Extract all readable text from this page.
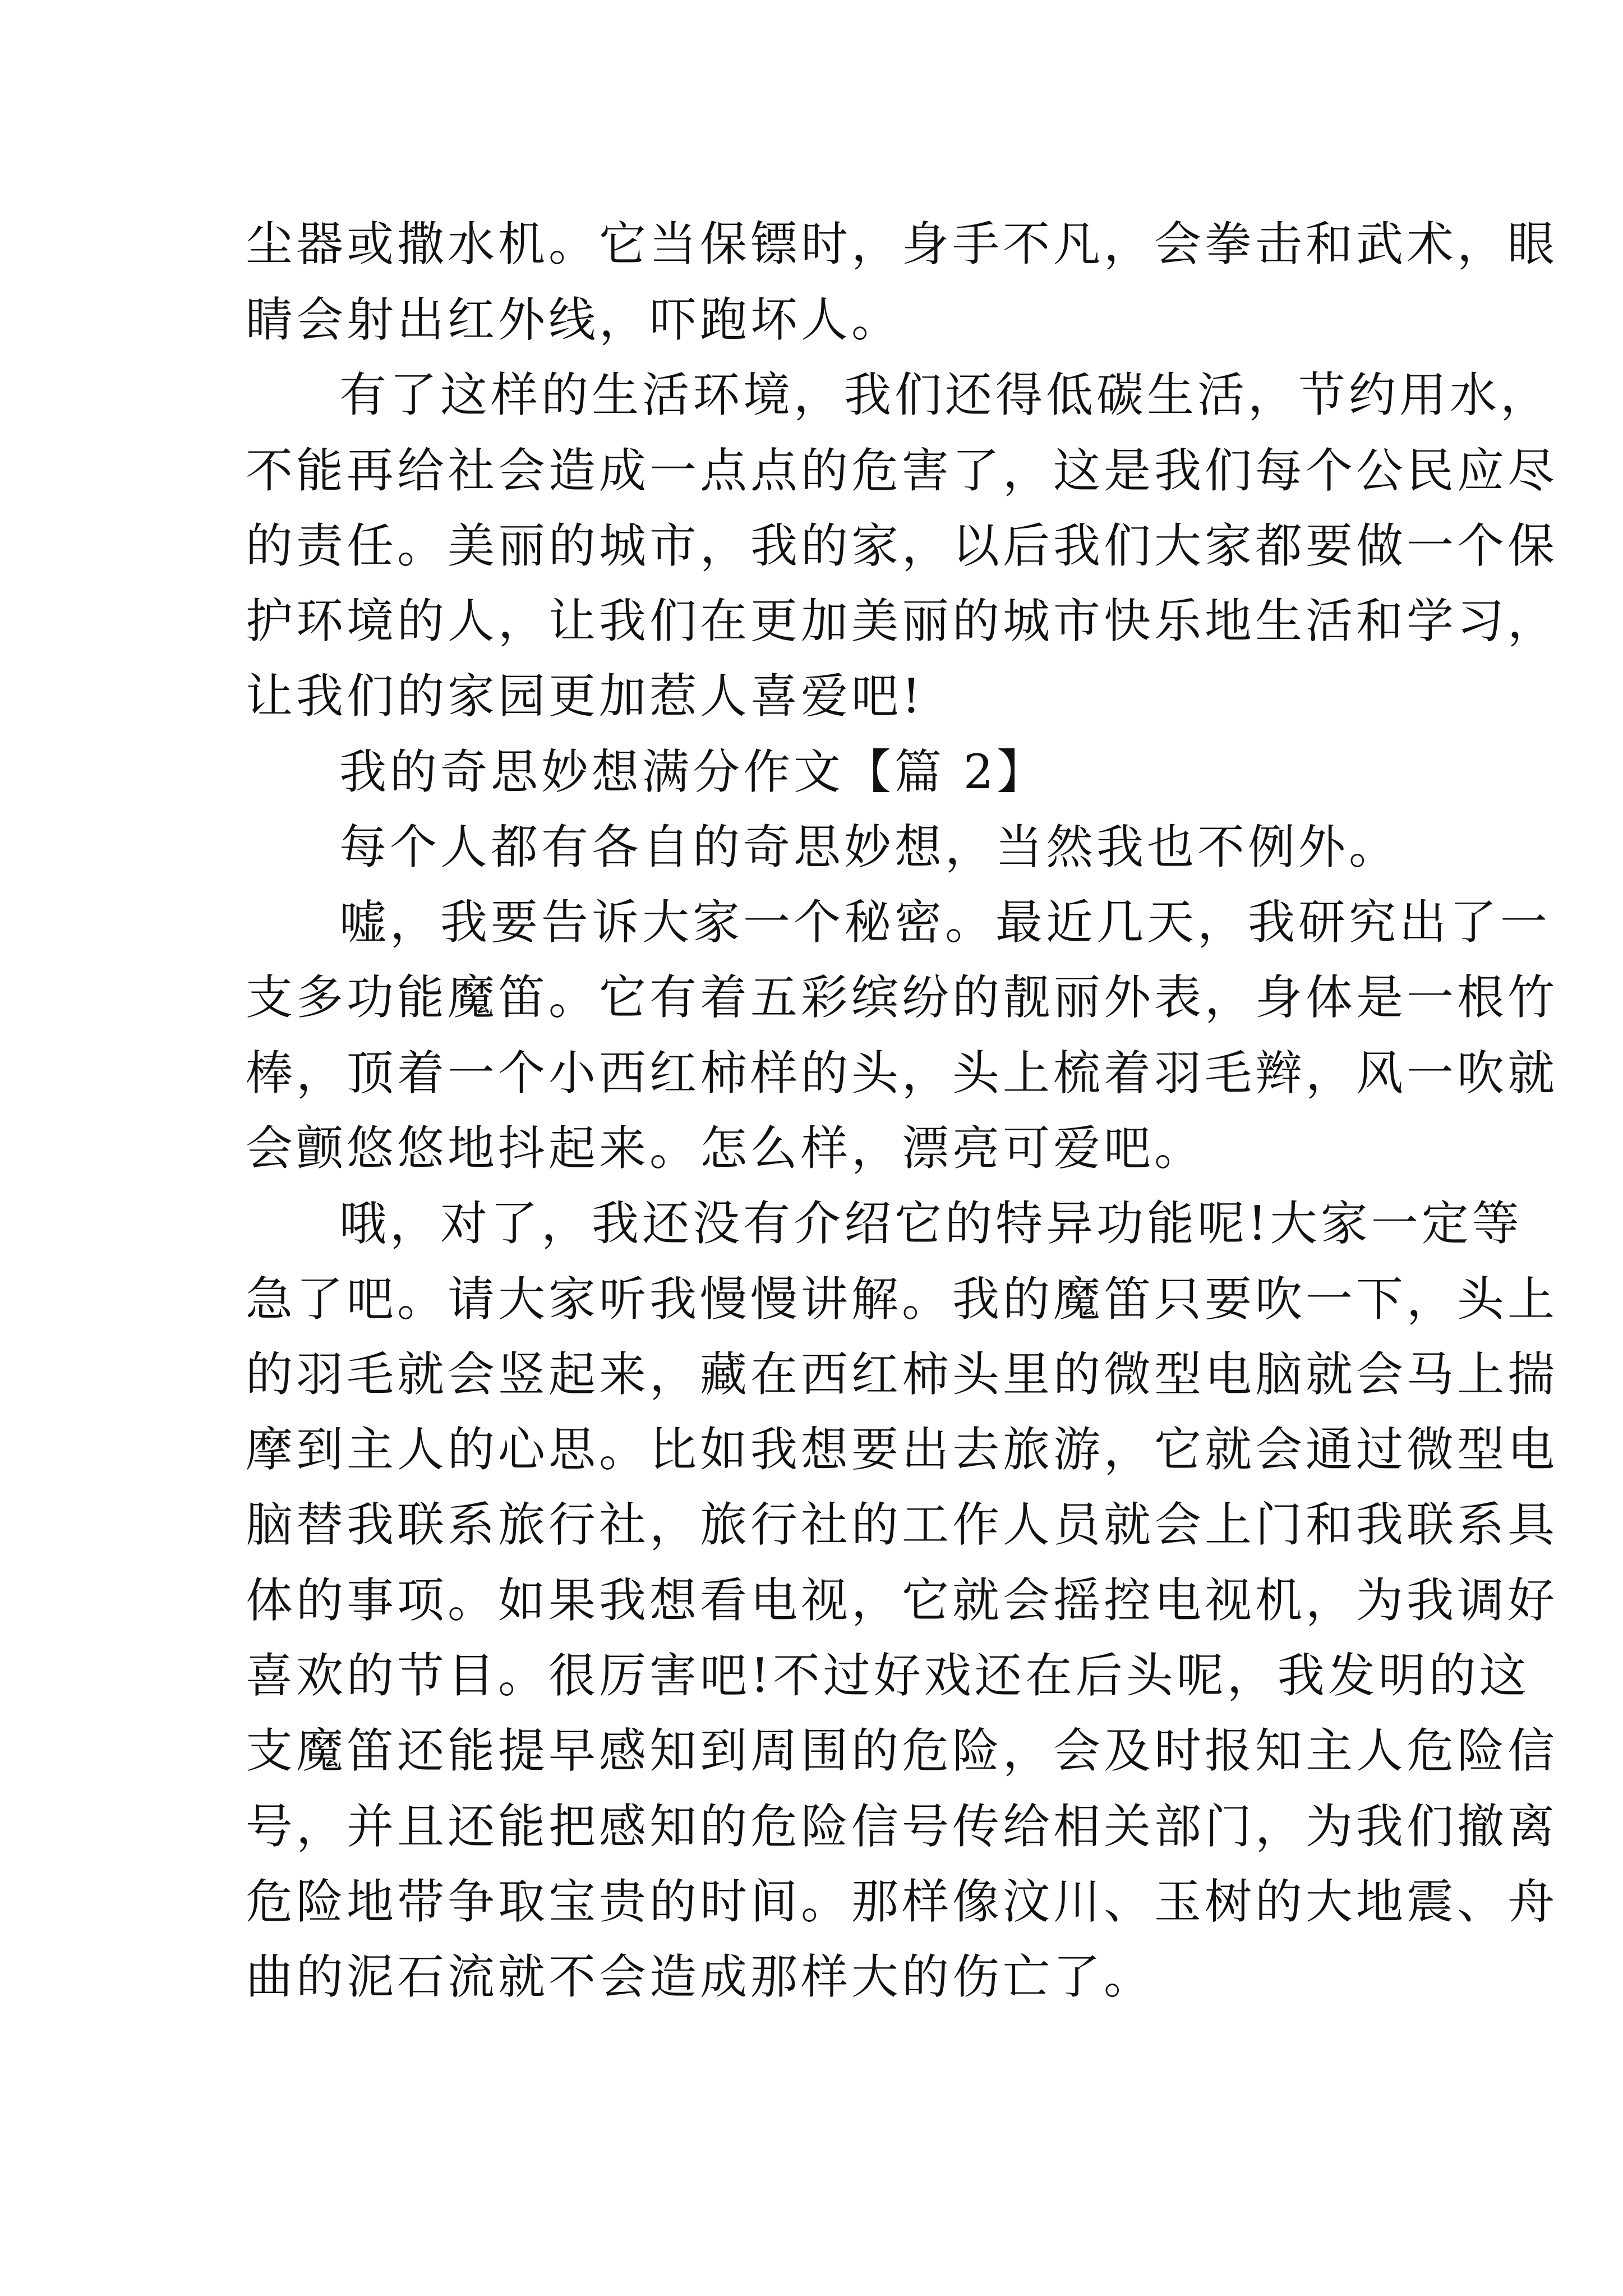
尘器或撒水机。它当保镖时，身手不凡，会拳击和武术，眼
睛会射出红外线，吓跑坏人。
有了这样的生活环境，我们还得低碳生活，节约用水，
不能再给社会造成一点点的危害了，这是我们每个公民应尽
的责任。美丽的城市，我的家，以后我们大家都要做一个保
护环境的人，让我们在更加美丽的城市快乐地生活和学习，
让我们的家园更加惹人喜爱吧!
我的奇思妙想满分作文【篇 2】
每个人都有各自的奇思妙想，当然我也不例外。
嘘，我要告诉大家一个秘密。最近几天，我研究出了一
支多功能魔笛。它有着五彩缤纷的靓丽外表，身体是一根竹
棒，顶着一个小西红柿样的头，头上梳着羽毛辫，风一吹就
会颤悠悠地抖起来。怎么样，漂亮可爱吧。
哦，对了，我还没有介绍它的特异功能呢!大家一定等
急了吧。请大家听我慢慢讲解。我的魔笛只要吹一下，头上
的羽毛就会竖起来，藏在西红柿头里的微型电脑就会马上揣
摩到主人的心思。比如我想要出去旅游，它就会通过微型电
脑替我联系旅行社，旅行社的工作人员就会上门和我联系具
体的事项。如果我想看电视，它就会摇控电视机，为我调好
喜欢的节目。很厉害吧!不过好戏还在后头呢，我发明的这
支魔笛还能提早感知到周围的危险，会及时报知主人危险信
号，并且还能把感知的危险信号传给相关部门，为我们撤离
危险地带争取宝贵的时间。那样像汶川、玉树的大地震、舟
曲的泥石流就不会造成那样大的伤亡了。
